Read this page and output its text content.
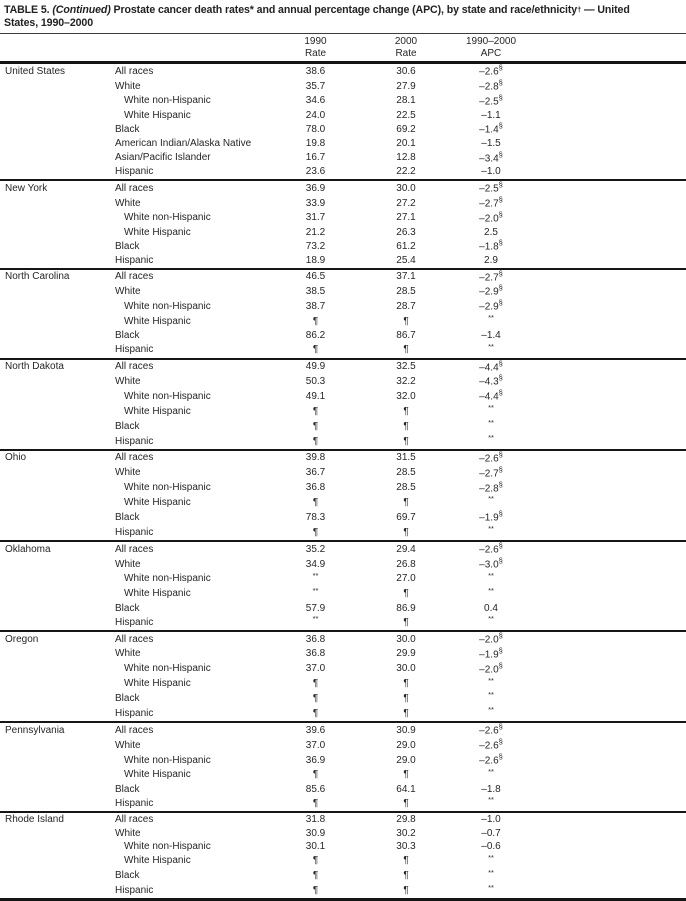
TABLE 5. (Continued) Prostate cancer death rates* and annual percentage change (APC), by state and race/ethnicity† — United
States, 1990–2000
		1990	2000	1990–2000	
		Rate	Rate	APC	
United States	All races	38.6	30.6	–2.6§	
	White	35.7	27.9	–2.8§	
	White non-Hispanic	34.6	28.1	–2.5§	
	White Hispanic	24.0	22.5	–1.1	
	Black	78.0	69.2	–1.4§	
	American Indian/Alaska Native	19.8	20.1	–1.5	
	Asian/Pacific Islander	16.7	12.8	–3.4§	
	Hispanic	23.6	22.2	–1.0	
New York	All races	36.9	30.0	–2.5§	
	White	33.9	27.2	–2.7§	
	White non-Hispanic	31.7	27.1	–2.0§	
	White Hispanic	21.2	26.3	2.5	
	Black	73.2	61.2	–1.8§	
	Hispanic	18.9	25.4	2.9	
North Carolina	All races	46.5	37.1	–2.7§	
	White	38.5	28.5	–2.9§	
	White non-Hispanic	38.7	28.7	–2.9§	
	White Hispanic	¶	¶	**	
	Black	86.2	86.7	–1.4	
	Hispanic	¶	¶	**	
North Dakota	All races	49.9	32.5	–4.4§	
	White	50.3	32.2	–4.3§	
	White non-Hispanic	49.1	32.0	–4.4§	
	White Hispanic	¶	¶	**	
	Black	¶	¶	**	
	Hispanic	¶	¶	**	
Ohio	All races	39.8	31.5	–2.6§	
	White	36.7	28.5	–2.7§	
	White non-Hispanic	36.8	28.5	–2.8§	
	White Hispanic	¶	¶	**	
	Black	78.3	69.7	–1.9§	
	Hispanic	¶	¶	**	
Oklahoma	All races	35.2	29.4	–2.6§	
	White	34.9	26.8	–3.0§	
	White non-Hispanic	**	27.0	**	
	White Hispanic	**	¶	**	
	Black	57.9	86.9	0.4	
	Hispanic	**	¶	**	
Oregon	All races	36.8	30.0	–2.0§	
	White	36.8	29.9	–1.9§	
	White non-Hispanic	37.0	30.0	–2.0§	
	White Hispanic	¶	¶	**	
	Black	¶	¶	**	
	Hispanic	¶	¶	**	
Pennsylvania	All races	39.6	30.9	–2.6§	
	White	37.0	29.0	–2.6§	
	White non-Hispanic	36.9	29.0	–2.6§	
	White Hispanic	¶	¶	**	
	Black	85.6	64.1	–1.8	
	Hispanic	¶	¶	**	
Rhode Island	All races	31.8	29.8	–1.0	
	White	30.9	30.2	–0.7	
	White non-Hispanic	30.1	30.3	–0.6	
	White Hispanic	¶	¶	**	
	Black	¶	¶	**	
	Hispanic	¶	¶	**	
